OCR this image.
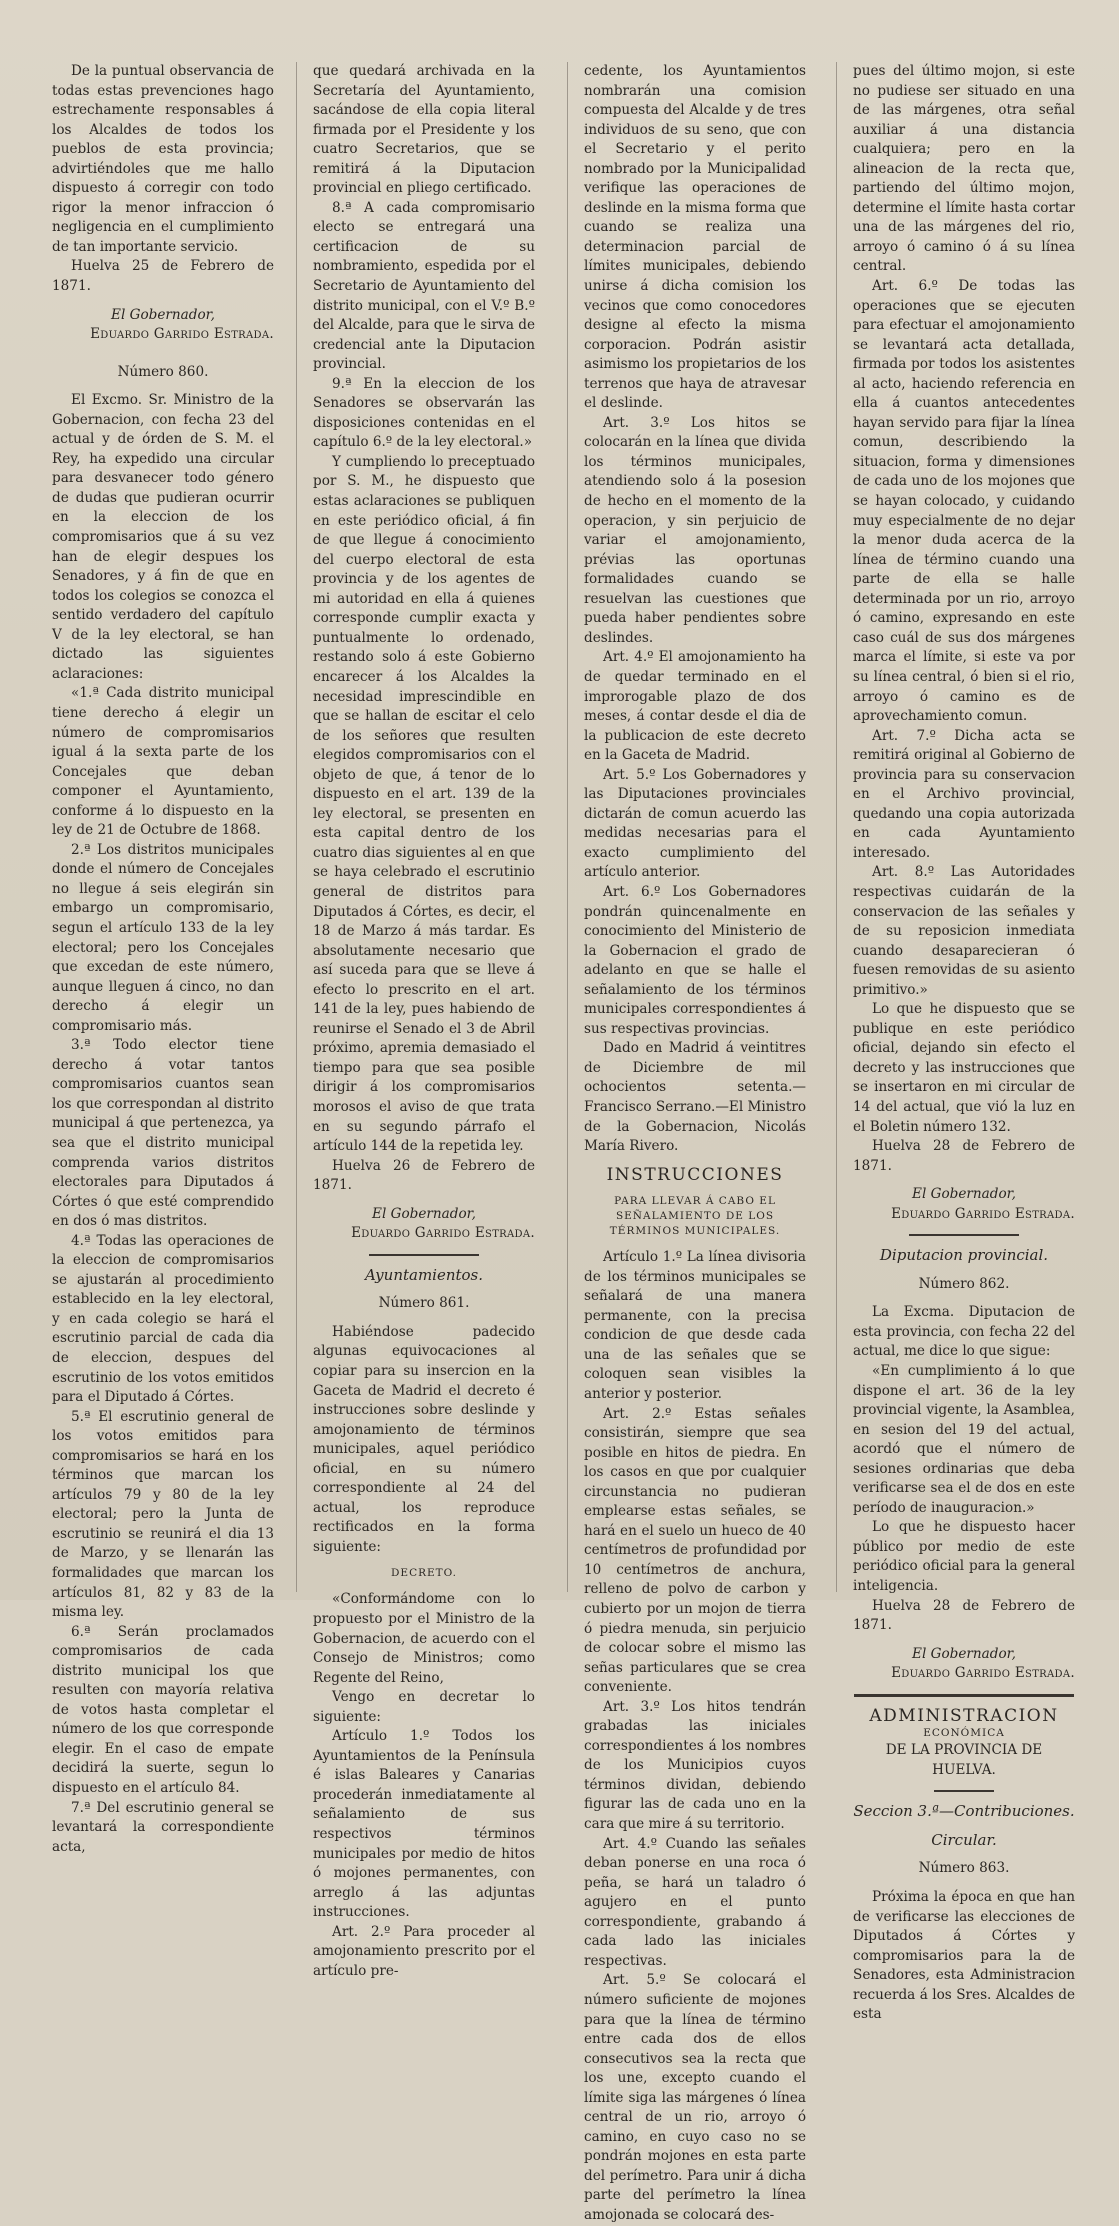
De la puntual observancia de todas estas prevenciones hago estrechamente responsables á los Alcaldes de todos los pueblos de esta provincia; advirtiéndoles que me hallo dispuesto á corregir con todo rigor la menor infraccion ó negligencia en el cumplimiento de tan importante servicio.

Huelva 25 de Febrero de 1871.

El Gobernador,

Eduardo Garrido Estrada.

Número 860.

El Excmo. Sr. Ministro de la Gobernacion, con fecha 23 del actual y de órden de S. M. el Rey, ha expedido una circular para desvanecer todo género de dudas que pudieran ocurrir en la eleccion de los compromisarios que á su vez han de elegir despues los Senadores, y á fin de que en todos los colegios se conozca el sentido verdadero del capítulo V de la ley electoral, se han dictado las siguientes aclaraciones:

«1.ª Cada distrito municipal tiene derecho á elegir un número de compromisarios igual á la sexta parte de los Concejales que deban componer el Ayuntamiento, conforme á lo dispuesto en la ley de 21 de Octubre de 1868.

2.ª Los distritos municipales donde el número de Concejales no llegue á seis elegirán sin embargo un compromisario, segun el artículo 133 de la ley electoral; pero los Concejales que excedan de este número, aunque lleguen á cinco, no dan derecho á elegir un compromisario más.

3.ª Todo elector tiene derecho á votar tantos compromisarios cuantos sean los que correspondan al distrito municipal á que pertenezca, ya sea que el distrito municipal comprenda varios distritos electorales para Diputados á Córtes ó que esté comprendido en dos ó mas distritos.

4.ª Todas las operaciones de la eleccion de compromisarios se ajustarán al procedimiento establecido en la ley electoral, y en cada colegio se hará el escrutinio parcial de cada dia de eleccion, despues del escrutinio de los votos emitidos para el Diputado á Córtes.

5.ª El escrutinio general de los votos emitidos para compromisarios se hará en los términos que marcan los artículos 79 y 80 de la ley electoral; pero la Junta de escrutinio se reunirá el dia 13 de Marzo, y se llenarán las formalidades que marcan los artículos 81, 82 y 83 de la misma ley.

6.ª Serán proclamados compromisarios de cada distrito municipal los que resulten con mayoría relativa de votos hasta completar el número de los que corresponde elegir. En el caso de empate decidirá la suerte, segun lo dispuesto en el artículo 84.

7.ª Del escrutinio general se levantará la correspondiente acta,

que quedará archivada en la Secretaría del Ayuntamiento, sacándose de ella copia literal firmada por el Presidente y los cuatro Secretarios, que se remitirá á la Diputacion provincial en pliego certificado.

8.ª A cada compromisario electo se entregará una certificacion de su nombramiento, espedida por el Secretario de Ayuntamiento del distrito municipal, con el V.º B.º del Alcalde, para que le sirva de credencial ante la Diputacion provincial.

9.ª En la eleccion de los Senadores se observarán las disposiciones contenidas en el capítulo 6.º de la ley electoral.»

Y cumpliendo lo preceptuado por S. M., he dispuesto que estas aclaraciones se publiquen en este periódico oficial, á fin de que llegue á conocimiento del cuerpo electoral de esta provincia y de los agentes de mi autoridad en ella á quienes corresponde cumplir exacta y puntualmente lo ordenado, restando solo á este Gobierno encarecer á los Alcaldes la necesidad imprescindible en que se hallan de escitar el celo de los señores que resulten elegidos compromisarios con el objeto de que, á tenor de lo dispuesto en el art. 139 de la ley electoral, se presenten en esta capital dentro de los cuatro dias siguientes al en que se haya celebrado el escrutinio general de distritos para Diputados á Córtes, es decir, el 18 de Marzo á más tardar. Es absolutamente necesario que así suceda para que se lleve á efecto lo prescrito en el art. 141 de la ley, pues habiendo de reunirse el Senado el 3 de Abril próximo, apremia demasiado el tiempo para que sea posible dirigir á los compromisarios morosos el aviso de que trata en su segundo párrafo el artículo 144 de la repetida ley.

Huelva 26 de Febrero de 1871.

El Gobernador,

Eduardo Garrido Estrada.

Ayuntamientos.

Número 861.

Habiéndose padecido algunas equivocaciones al copiar para su insercion en la Gaceta de Madrid el decreto é instrucciones sobre deslinde y amojonamiento de términos municipales, aquel periódico oficial, en su número correspondiente al 24 del actual, los reproduce rectificados en la forma siguiente:

DECRETO.

«Conformándome con lo propuesto por el Ministro de la Gobernacion, de acuerdo con el Consejo de Ministros; como Regente del Reino,

Vengo en decretar lo siguiente:

Artículo 1.º Todos los Ayuntamientos de la Península é islas Baleares y Canarias procederán inmediatamente al señalamiento de sus respectivos términos municipales por medio de hitos ó mojones permanentes, con arreglo á las adjuntas instrucciones.

Art. 2.º Para proceder al amojonamiento prescrito por el artículo pre-

cedente, los Ayuntamientos nombrarán una comision compuesta del Alcalde y de tres individuos de su seno, que con el Secretario y el perito nombrado por la Municipalidad verifique las operaciones de deslinde en la misma forma que cuando se realiza una determinacion parcial de límites municipales, debiendo unirse á dicha comision los vecinos que como conocedores designe al efecto la misma corporacion. Podrán asistir asimismo los propietarios de los terrenos que haya de atravesar el deslinde.

Art. 3.º Los hitos se colocarán en la línea que divida los términos municipales, atendiendo solo á la posesion de hecho en el momento de la operacion, y sin perjuicio de variar el amojonamiento, prévias las oportunas formalidades cuando se resuelvan las cuestiones que pueda haber pendientes sobre deslindes.

Art. 4.º El amojonamiento ha de quedar terminado en el improrogable plazo de dos meses, á contar desde el dia de la publicacion de este decreto en la Gaceta de Madrid.

Art. 5.º Los Gobernadores y las Diputaciones provinciales dictarán de comun acuerdo las medidas necesarias para el exacto cumplimiento del artículo anterior.

Art. 6.º Los Gobernadores pondrán quincenalmente en conocimiento del Ministerio de la Gobernacion el grado de adelanto en que se halle el señalamiento de los términos municipales correspondientes á sus respectivas provincias.

Dado en Madrid á veintitres de Diciembre de mil ochocientos setenta.—Francisco Serrano.—El Ministro de la Gobernacion, Nicolás María Rivero.

INSTRUCCIONES

PARA LLEVAR Á CABO EL SEÑALAMIENTO DE LOS TÉRMINOS MUNICIPALES.

Artículo 1.º La línea divisoria de los términos municipales se señalará de una manera permanente, con la precisa condicion de que desde cada una de las señales que se coloquen sean visibles la anterior y posterior.

Art. 2.º Estas señales consistirán, siempre que sea posible en hitos de piedra. En los casos en que por cualquier circunstancia no pudieran emplearse estas señales, se hará en el suelo un hueco de 40 centímetros de profundidad por 10 centímetros de anchura, relleno de polvo de carbon y cubierto por un mojon de tierra ó piedra menuda, sin perjuicio de colocar sobre el mismo las señas particulares que se crea conveniente.

Art. 3.º Los hitos tendrán grabadas las iniciales correspondientes á los nombres de los Municipios cuyos términos dividan, debiendo figurar las de cada uno en la cara que mire á su territorio.

Art. 4.º Cuando las señales deban ponerse en una roca ó peña, se hará un taladro ó agujero en el punto correspondiente, grabando á cada lado las iniciales respectivas.

Art. 5.º Se colocará el número suficiente de mojones para que la línea de término entre cada dos de ellos consecutivos sea la recta que los une, excepto cuando el límite siga las márgenes ó línea central de un rio, arroyo ó camino, en cuyo caso no se pondrán mojones en esta parte del perímetro. Para unir á dicha parte del perímetro la línea amojonada se colocará des-

pues del último mojon, si este no pudiese ser situado en una de las márgenes, otra señal auxiliar á una distancia cualquiera; pero en la alineacion de la recta que, partiendo del último mojon, determine el límite hasta cortar una de las márgenes del rio, arroyo ó camino ó á su línea central.

Art. 6.º De todas las operaciones que se ejecuten para efectuar el amojonamiento se levantará acta detallada, firmada por todos los asistentes al acto, haciendo referencia en ella á cuantos antecedentes hayan servido para fijar la línea comun, describiendo la situacion, forma y dimensiones de cada uno de los mojones que se hayan colocado, y cuidando muy especialmente de no dejar la menor duda acerca de la línea de término cuando una parte de ella se halle determinada por un rio, arroyo ó camino, expresando en este caso cuál de sus dos márgenes marca el límite, si este va por su línea central, ó bien si el rio, arroyo ó camino es de aprovechamiento comun.

Art. 7.º Dicha acta se remitirá original al Gobierno de provincia para su conservacion en el Archivo provincial, quedando una copia autorizada en cada Ayuntamiento interesado.

Art. 8.º Las Autoridades respectivas cuidarán de la conservacion de las señales y de su reposicion inmediata cuando desaparecieran ó fuesen removidas de su asiento primitivo.»

Lo que he dispuesto que se publique en este periódico oficial, dejando sin efecto el decreto y las instrucciones que se insertaron en mi circular de 14 del actual, que vió la luz en el Boletin número 132.

Huelva 28 de Febrero de 1871.

El Gobernador,

Eduardo Garrido Estrada.

Diputacion provincial.

Número 862.

La Excma. Diputacion de esta provincia, con fecha 22 del actual, me dice lo que sigue:

«En cumplimiento á lo que dispone el art. 36 de la ley provincial vigente, la Asamblea, en sesion del 19 del actual, acordó que el número de sesiones ordinarias que deba verificarse sea el de dos en este período de inauguracion.»

Lo que he dispuesto hacer público por medio de este periódico oficial para la general inteligencia.

Huelva 28 de Febrero de 1871.

El Gobernador,

Eduardo Garrido Estrada.

ADMINISTRACION

ECONÓMICA

DE LA PROVINCIA DE HUELVA.

Seccion 3.ª—Contribuciones.

Circular.

Número 863.

Próxima la época en que han de verificarse las elecciones de Diputados á Córtes y compromisarios para la de Senadores, esta Administracion recuerda á los Sres. Alcaldes de esta
